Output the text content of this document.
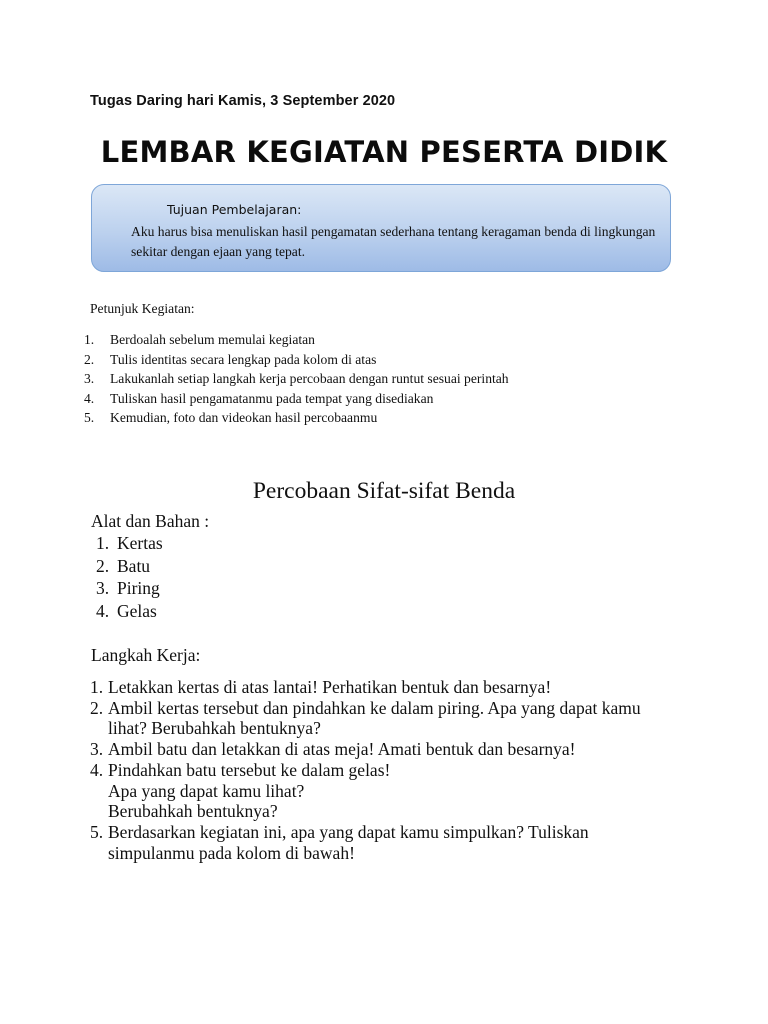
Tugas Daring hari Kamis, 3 September 2020
LEMBAR KEGIATAN PESERTA DIDIK
Tujuan Pembelajaran:
Aku harus bisa menuliskan hasil pengamatan sederhana tentang keragaman benda di lingkungan sekitar dengan ejaan yang tepat.
Petunjuk Kegiatan:
1. Berdoalah sebelum memulai kegiatan
2. Tulis identitas secara lengkap pada kolom di atas
3. Lakukanlah setiap langkah kerja percobaan dengan runtut sesuai perintah
4. Tuliskan hasil pengamatanmu pada tempat yang disediakan
5. Kemudian, foto dan videokan hasil percobaanmu
Percobaan Sifat-sifat Benda
Alat dan Bahan :
1. Kertas
2. Batu
3. Piring
4. Gelas
Langkah Kerja:
1. Letakkan kertas di atas lantai! Perhatikan bentuk dan besarnya!
2. Ambil kertas tersebut dan pindahkan ke dalam piring. Apa yang dapat kamu
lihat? Berubahkah bentuknya?
3. Ambil batu dan letakkan di atas meja! Amati bentuk dan besarnya!
4. Pindahkan batu tersebut ke dalam gelas!
Apa yang dapat kamu lihat?
Berubahkah bentuknya?
5. Berdasarkan kegiatan ini, apa yang dapat kamu simpulkan? Tuliskan
simpulanmu pada kolom di bawah!
